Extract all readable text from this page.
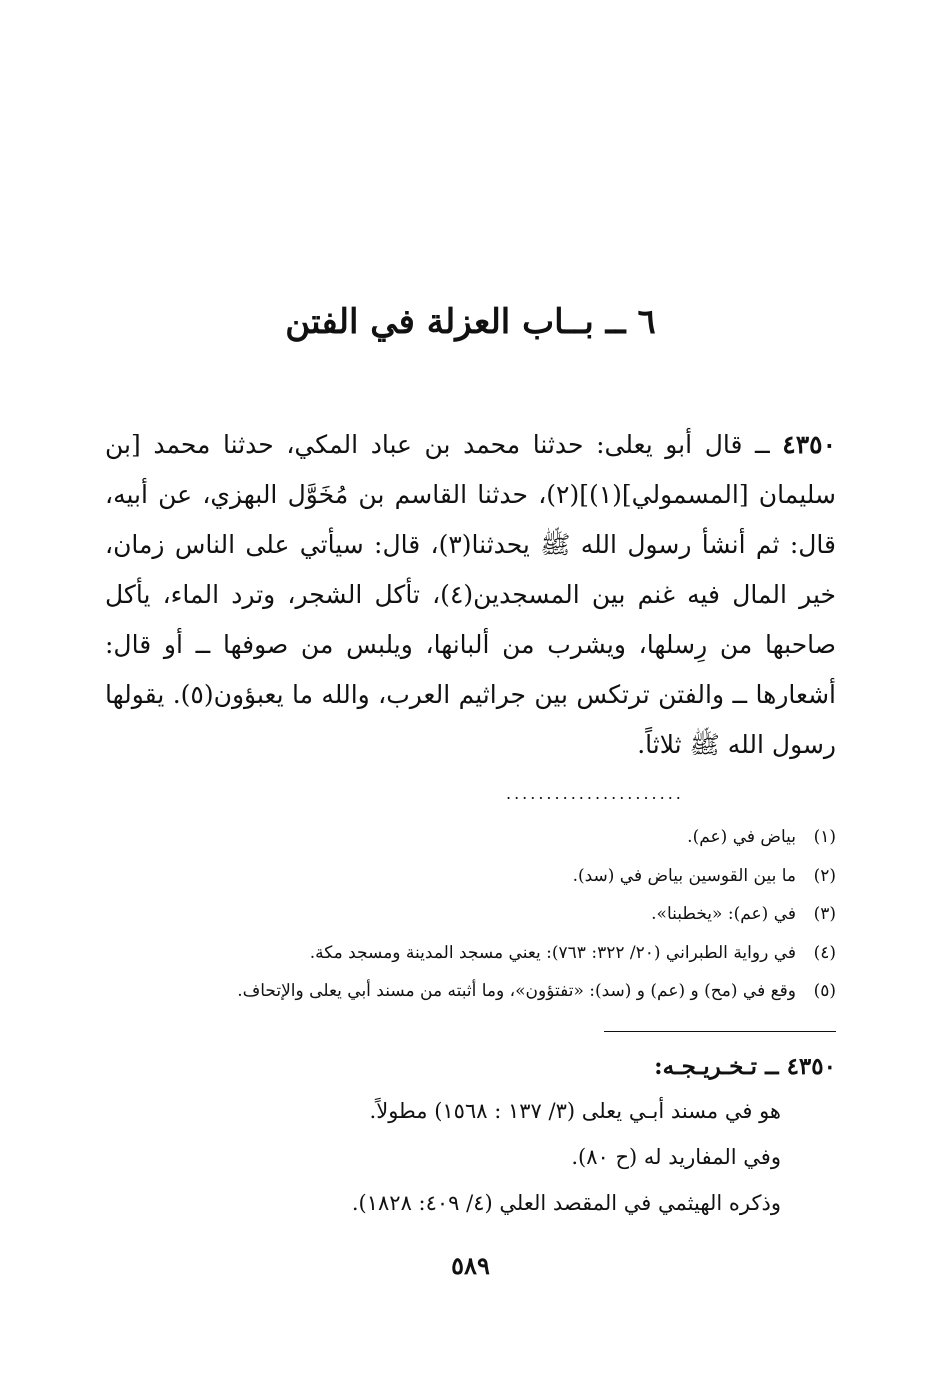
٦ ــ بــاب العزلة في الفتن

٤٣٥٠ ــ قال أبو يعلى: حدثنا محمد بن عباد المكي، حدثنا محمد [بن سليمان [المسمولي](١)](٢)، حدثنا القاسم بن مُخَوَّل البهزي، عن أبيه، قال: ثم أنشأ رسول الله ﷺ يحدثنا(٣)، قال: سيأتي على الناس زمان، خير المال فيه غنم بين المسجدين(٤)، تأكل الشجر، وترد الماء، يأكل صاحبها من رِسلها، ويشرب من ألبانها، ويلبس من صوفها ــ أو قال: أشعارها ــ والفتن ترتكس بين جراثيم العرب، والله ما يعبؤون(٥). يقولها رسول الله ﷺ ثلاثاً.

......................
(١)بياض في (عم).
(٢)ما بين القوسين بياض في (سد).
(٣)في (عم): «يخطبنا».
(٤)في رواية الطبراني (٢٠/ ٣٢٢: ٧٦٣): يعني مسجد المدينة ومسجد مكة.
(٥)وقع في (مح) و (عم) و (سد): «تفتؤون»، وما أثبته من مسند أبي يعلى والإتحاف.
٤٣٥٠ ــ تـخـريـجـه:
هو في مسند أبـي يعلى (٣/ ١٣٧ : ١٥٦٨) مطولاً.
وفي المفاريد له (ح ٨٠).
وذكره الهيثمي في المقصد العلي (٤/ ٤٠٩: ١٨٢٨).
٥٨٩
